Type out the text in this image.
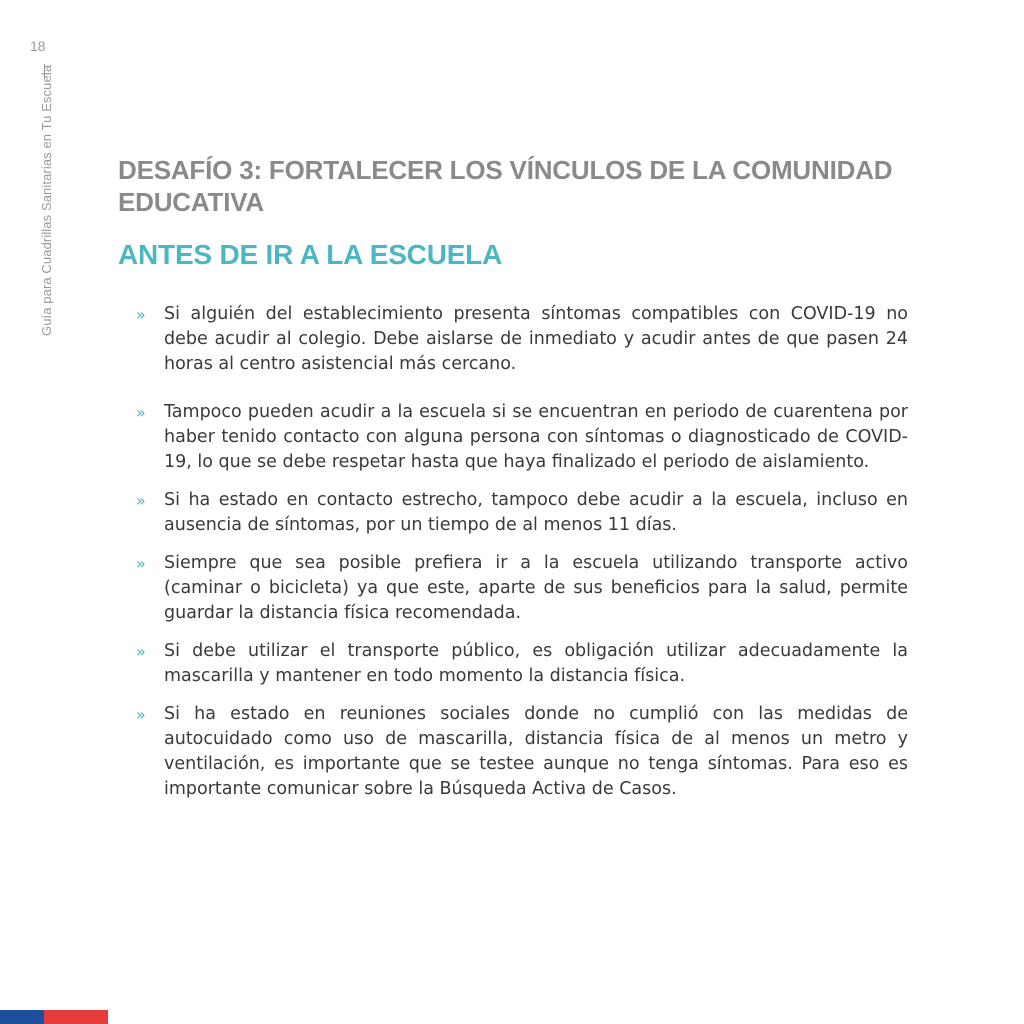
18
Guía para Cuadrillas Sanitarias en Tu Escuela DESAFÍO 3: FORTALECER LOS VÍNCULOS DE LA COMUNIDAD EDUCATIVA
ANTES DE IR A LA ESCUELA
» Si alguién del establecimiento presenta síntomas compatibles con COVID-19 no debe acudir al colegio. Debe aislarse de inmediato y acudir antes de que pasen 24 horas al centro asistencial más cercano.
» Tampoco pueden acudir a la escuela si se encuentran en periodo de cuarentena por haber tenido contacto con alguna persona con síntomas o diagnosticado de COVID-19, lo que se debe respetar hasta que haya finalizado el periodo de aislamiento.
» Si ha estado en contacto estrecho, tampoco debe acudir a la escuela, incluso en ausencia de síntomas, por un tiempo de al menos 11 días.
» Siempre que sea posible prefiera ir a la escuela utilizando transporte activo (caminar o bicicleta) ya que este, aparte de sus beneficios para la salud, permite guardar la distancia física recomendada.
» Si debe utilizar el transporte público, es obligación utilizar adecuadamente la mascarilla y mantener en todo momento la distancia física.
» Si ha estado en reuniones sociales donde no cumplió con las medidas de autocuidado como uso de mascarilla, distancia física de al menos un metro y ventilación, es importante que se testee aunque no tenga síntomas. Para eso es importante comunicar sobre la Búsqueda Activa de Casos.
